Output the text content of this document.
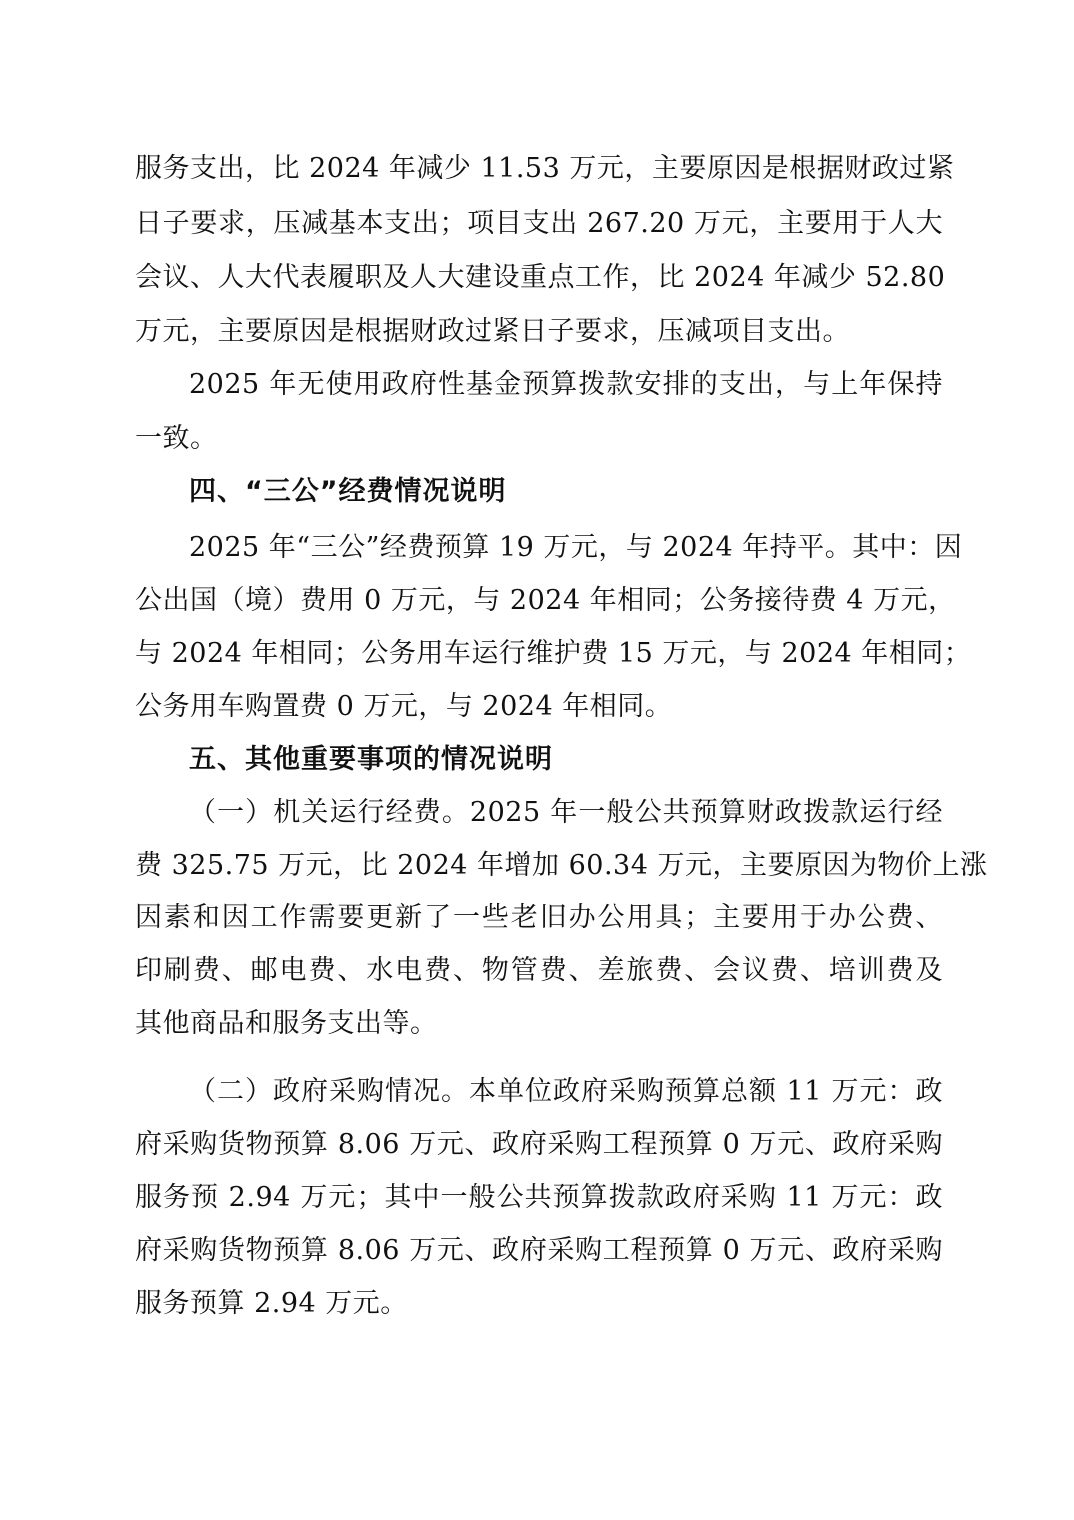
服务支出，比 2024 年减少 11.53 万元，主要原因是根据财政过紧
日子要求，压减基本支出；项目支出 267.20 万元，主要用于人大
会议、人大代表履职及人大建设重点工作，比 2024 年减少 52.80
万元，主要原因是根据财政过紧日子要求，压减项目支出。
2025 年无使用政府性基金预算拨款安排的支出，与上年保持
一致。
四、“三公”经费情况说明
2025 年“三公”经费预算 19 万元，与 2024 年持平。其中：因
公出国（境）费用 0 万元，与 2024 年相同；公务接待费 4 万元，
与 2024 年相同；公务用车运行维护费 15 万元，与 2024 年相同；
公务用车购置费 0 万元，与 2024 年相同。
五、其他重要事项的情况说明
（一）机关运行经费。2025 年一般公共预算财政拨款运行经
费 325.75 万元，比 2024 年增加 60.34 万元，主要原因为物价上涨
因素和因工作需要更新了一些老旧办公用具；主要用于办公费、
印刷费、邮电费、水电费、物管费、差旅费、会议费、培训费及
其他商品和服务支出等。
（二）政府采购情况。本单位政府采购预算总额 11 万元：政
府采购货物预算 8.06 万元、政府采购工程预算 0 万元、政府采购
服务预 2.94 万元；其中一般公共预算拨款政府采购 11 万元：政
府采购货物预算 8.06 万元、政府采购工程预算 0 万元、政府采购
服务预算 2.94 万元。
